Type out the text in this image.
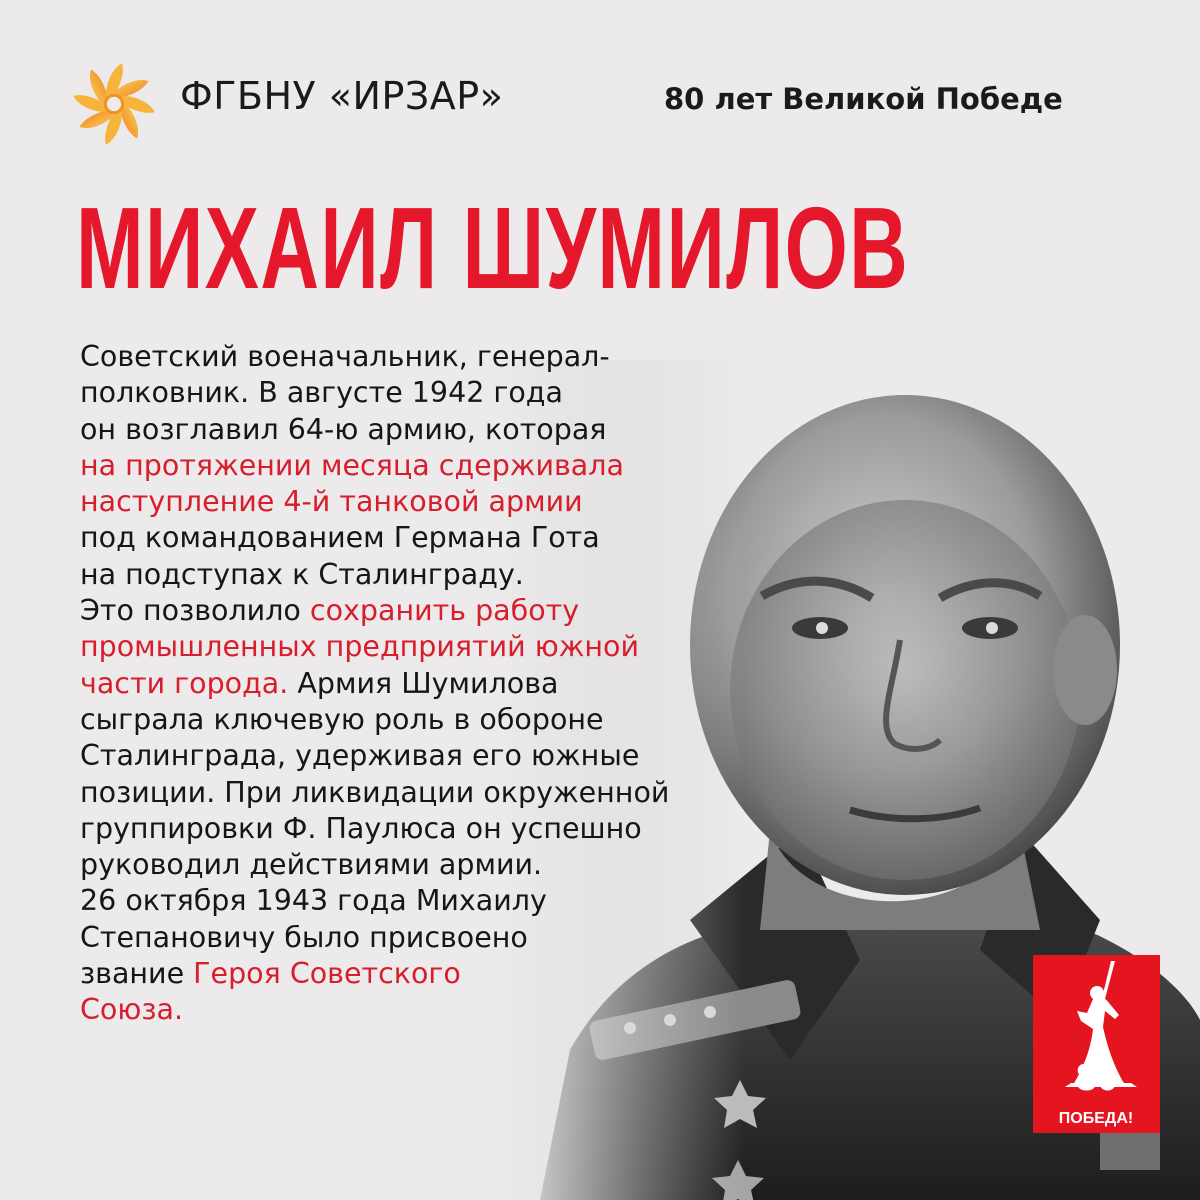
ФГБНУ «ИРЗАР»	80 лет Великой Победе
МИХАИЛ ШУМИЛОВ
Советский военачальник, генерал-
полковник. В августе 1942 года
он возглавил 64-ю армию, которая
на протяжении месяца сдерживала
наступление 4-й танковой армии
под командованием Германа Гота
на подступах к Сталинграду.
Это позволило сохранить работу
промышленных предприятий южной
части города. Армия Шумилова
сыграла ключевую роль в обороне
Сталинграда, удерживая его южные
позиции. При ликвидации окруженной
группировки Ф. Паулюса он успешно
руководил действиями армии.
26 октября 1943 года Михаилу
Степановичу было присвоено
звание Героя Советского
Союза.
80
ПОБЕДА!
